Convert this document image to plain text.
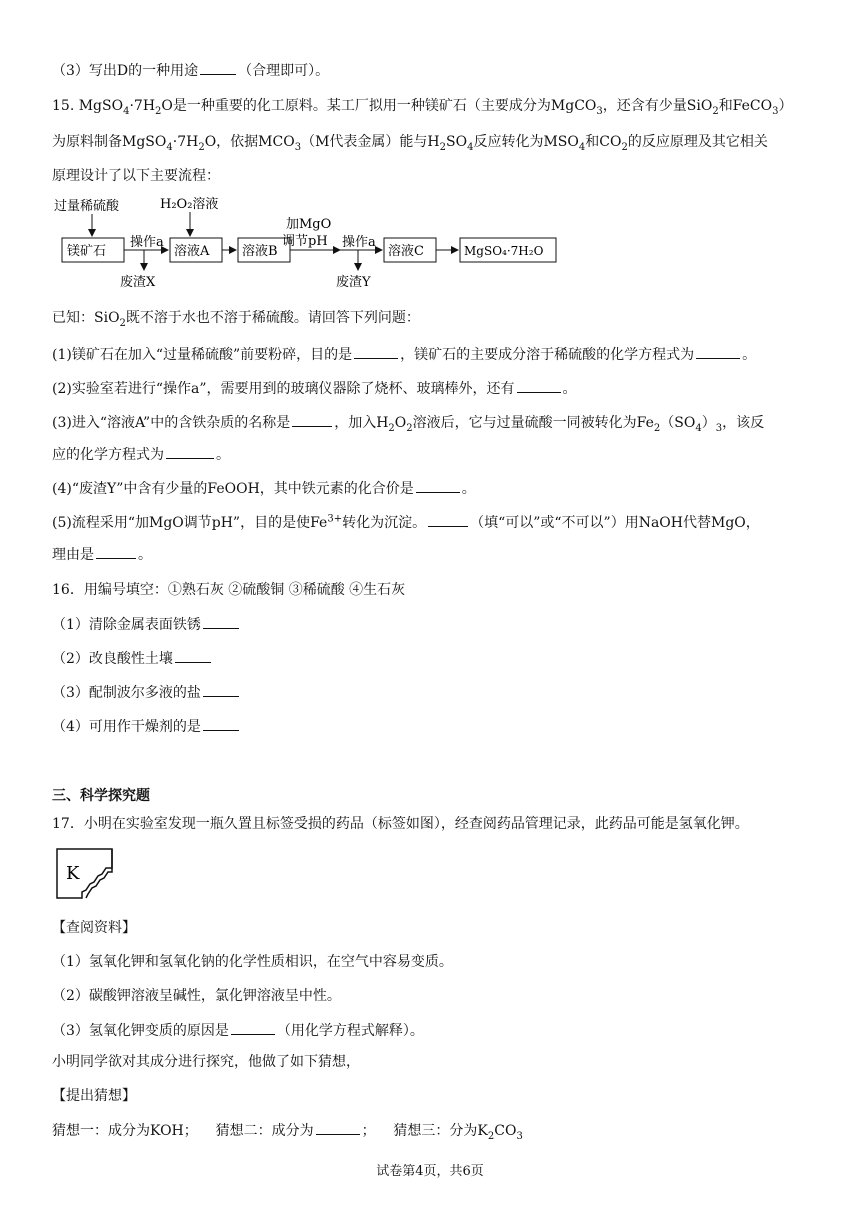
（3）写出D的一种用途	（合理即可）。
15. $MgSO_4\cdot 7H_2O$是一种重要的化工原料。某工厂拟用一种镁矿石（主要成分为MgCO$_3$，还含有少量SiO$_2$和FeCO$_3$）
为原料制备$MgSO_4\cdot 7H_2O$，依据$MCO_3(M$代表金属）能与$H_2SO_4$反应转化为$MSO_4$和$CO_2$的反应原理及其它相关
原理设计了以下主要流程：
过量稀硫酸	H₂O₂溶液
镁矿石
操作a
废渣X
溶液A	溶液B
加MgO
调节pH 操作a
废渣Y
溶液C	MgSO₄·7H₂O
已知：SiO$_2$既不溶于水也不溶于稀硫酸。请回答下列问题：
(1)镁矿石在加入“过量稀硫酸”前要粉碎，目的是	，镁矿石的主要成分溶于稀硫酸的化学方程式为	。
(2)实验室若进行“操作a”，需要用到的玻璃仪器除了烧杯、玻璃棒外，还有	。
(3)进入“溶液A”中的含铁杂质的名称是	，加入$H_2O_2$溶液后，它与过量硫酸一同被转化为$Fe_2(SO_4)_3$，该反
应的化学方程式为	。
(4)“废渣Y”中含有少量的FeOOH，其中铁元素的化合价是	。
(5)流程采用“加MgO调节pH”，目的是使$Fe^{3+}$转化为沉淀。	（填“可以”或“不可以”）用NaOH代替MgO，
理由是	。
16．用编号填空：①熟石灰 ②硫酸铜 ③稀硫酸 ④生石灰
（1）清除金属表面铁锈
（2）改良酸性土壤
（3）配制波尔多液的盐
（4）可用作干燥剂的是
三、科学探究题
17．小明在实验室发现一瓶久置且标签受损的药品（标签如图），经查阅药品管理记录，此药品可能是氢氧化钾。
K
【查阅资料】
（1）氢氧化钾和氢氧化钠的化学性质相识，在空气中容易变质。
（2）碳酸钾溶液呈碱性，氯化钾溶液呈中性。
（3）氢氧化钾变质的原因是	（用化学方程式解释）。
小明同学欲对其成分进行探究，他做了如下猜想，
【提出猜想】
猜想一：成分为KOH； 猜想二：成分为	； 猜想三：分为$K_2CO_3$
试卷第4页，共6页
